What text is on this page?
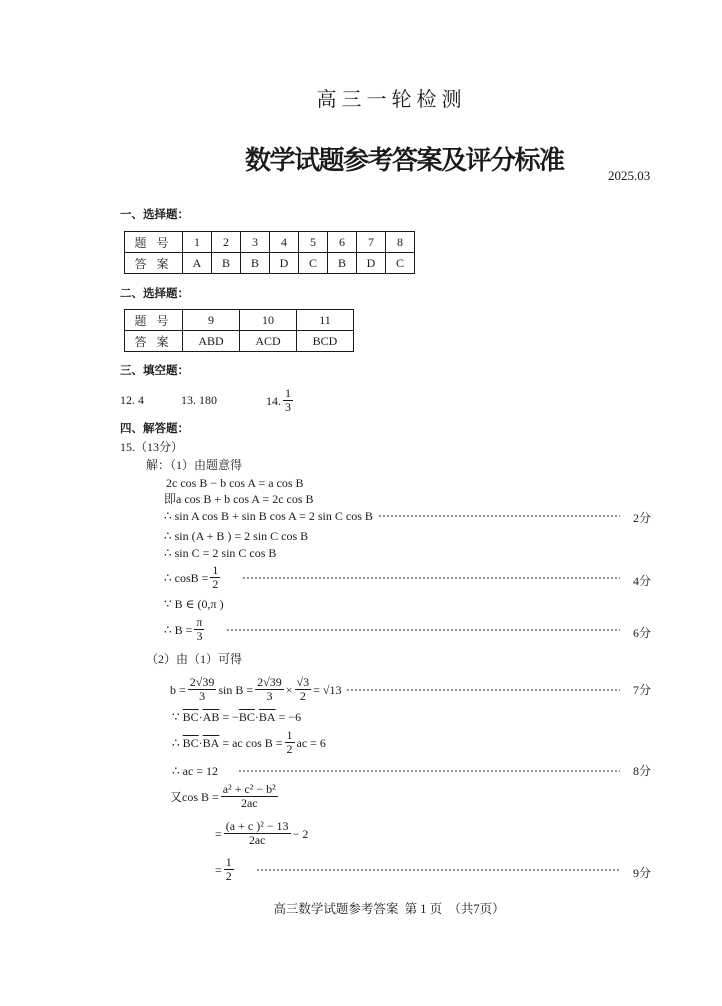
高 三 一 轮 检 测
数学试题参考答案及评分标准	2025.03
一、选择题：
题号	1	2	3	4	5	6	7	8
答案	A	B	B	D	C	B	D	C
二、选择题：
题号	9	10	11
答案	ABD	ACD	BCD
三、填空题：
12. 4	13. 180	14. $\frac{1}{3}$
四、解答题：
15.（13分）
解：（1）由题意得
2c cos B − b cos A = a cos B
即a cos B + b cos A = 2c cos B
∴ sin A cos B + sin B cos A = 2 sin C cos B	2分
∴ sin (A + B ) = 2 sin C cos B
∴ sin C = 2 sin C cos B
∴ $\cos B = \frac{1}{2}$	4分
∵ B ∈ (0,π )
∴ $B = \frac{\pi}{3}$	6分
（2）由（1）可得
$b = \frac{2√39}{3}$ $\sin B = \frac{2√39}{3} \times \frac{√3}{2} = √13$	7分
∵
$\overline{BC} \cdot \overline{AB}$
= − $\overline{BC} \cdot \overline{BA}$
= −6
∴
$\overline{BC} \cdot \overline{BA}$
= ac $\cos B = \frac{1}{2}$ ac = 6
∴ ac = 12	8分
又$\cos B = \frac{\text{a² + c² − b²}}{2ac}$
= $\frac{\text{(a + c )² − 13}}{2ac} - 2$
= $\frac{1}{2}$	9分
高三数学试题参考答案  第 1 页  （共7页）
